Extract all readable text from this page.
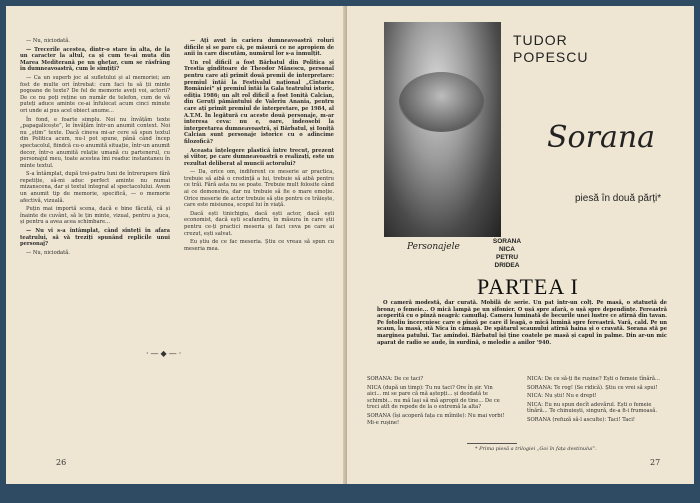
— Nu, niciodată.

— Trecerile acestea, dintr-o stare în alta, de la un caracter la altul, ca și cum te-ai muta din Marea Mediterană pe un ghețar, cum se răsfrâng în dumneavoastră, cum le simțiți?

— Ca un superb joc al sufletului și al memoriei; am fost de multe ori întrebat: cum faci tu să ții minte pogoane de texte? De fel de memorie aveți voi, actorii? De ce nu poți reține un număr de telefon, cum de vă puteți aduce aminte ce-ai înfulecat acum cinci minute ori unde ai pus acel obiect anume...

În fond, e foarte simplu. Noi nu învățăm texte „papagalicește”, le învățăm într-un anumit context. Noi nu „știm” texte. Dacă cineva mi-ar cere să spun textul din Politica acum, nu-l pot spune, până când încep spectacolul, fiindcă cu-o anumită situație, într-un anumit decor, într-o anumită relație umană cu partenerul, cu personajul meu, toate acestea îmi readuc instantaneu în minte textul.

S-a întâmplat, după trei-patru luni de întrerupere fără repetiție, să-mi aduc perfect aminte nu numai mizanscena, dar și textul integral al spectacolului. Avem un anumit tip de memorie, specifică, — o memorie afectivă, vizuală.

Puțin mai importă scena, dacă e bine făcută, că și înainte de cuvânt, să le țin minte, vizual, pentru a juca, și pentru a avea acea schimbare...

— Nu vi s-a întâmplat, când sînteți în afara teatrului, să vă treziți spunând replicile unui personaj?

— Nu, niciodată.

— Ați avut în cariera dumneavoastră roluri dificile și se pare că, pe măsură ce ne apropiem de anii în care discutăm, numărul lor s-a înmulțit.

Un rol dificil a fost Bărbatul din Politica și Trestia gînditoare de Theodor Mănescu, personal pentru care ați primit două premii de interpretare: premiul întâi la Festivalul național „Cîntarea României” și premiul întâi la Gala teatrului istoric, ediția 1986; un alt rol dificil a fost Ionită Calcian, din Geruți pământului de Valeriu Anania, pentru care ați primit premiul de interpretare, pe 1984, al A.T.M. În legătură cu aceste două personaje, m-ar interesa ceva: nu e, oare, îndeosebi la interpretarea dumneavoastră, și Bărbatul, și Ioniță Calcian sunt personaje istorice cu o adîncime filozofică?

Aceasta înțelegere plastică între trecut, prezent și viitor, pe care dumneavoastră o realizați, este un rezultat deliberat al muncii actorului?

— Da, orice om, indiferent ce meserie ar practica, trebuie să aibă o credință a lui, trebuie să aibă pentru ce trăi. Fără asta nu se poate. Trebuie mult folosite când ai ce demonstra, dar nu trebuie să fie o mare emoție. Orice meserie de actor trebuie să știe pentru ce trăiește, care este misiunea, scopul lui în viață.

Dacă ești tinichigiu, dacă ești actor, dacă ești economist, dacă ești scafandru, în măsura în care știi pentru ce-ți practici meseria și faci ceva pe care ai crezut, ești salvat.

Eu știu de ce fac meseria. Știu ce vreau să spun cu meseria mea.

·—◆—·
26
TUDOR
POPESCU
Sorana
piesă în două părți*
Personajele
SORANA
NICA
PETRU
DRIDEA
PARTEA I

O cameră modestă, dar curată. Mobilă de serie. Un pat într-un colț. Pe masă, o statuetă de bronz; o femeie... O mică lampă pe un șifonier. O ușă spre afară, o ușă spre dependințe. Fereastră acoperită cu o pînză neagră: camuflaj. Camera luminată de becurile unei lustre ce atîrnă din tavan. Pe fotoliu încercuiesc care o pînză pe care îl leagă, o mică lumină spre fereastră. Vară, cald. Pe un scaun, la masă, stă Nica în cămașă. De spătarul scaunului atîrnă haina și o cravată. Sorana stă pe marginea patului. Tac amîndoi. Bărbatul își ține coatele pe masă și capul în palme. Din ar-un mic aparat de radio se aude, în surdină, o melodie a anilor '940.

SORANA: De ce taci?

NICA (după un timp): Tu nu taci? Ore în șir. Vin aici... mi se pare că mă aștepți... și deodată te schimbi... nu mă lași să mă apropii de tine... De ce treci atît de repede de la o extremă la alta?

SORANA (își acoperă fața cu mîinile): Nu mai vorbi! Mi-e rușine!

NICA: De ce să-ți fie rușine? Ești o femeie tînără...

SORANA: Te rog! (Se ridică). Știu ce vrei să spui!

NICA: Nu știi! Nu e drept!

NICA: Eu nu spun decît adevărul. Ești o femeie tînără... Te chinuiești, singură, de-a fi-i frumoasă.

SORANA (refuză să-l asculte): Taci! Taci!

* Prima piesă a trilogiei „Goi în fața destinului”.
27
